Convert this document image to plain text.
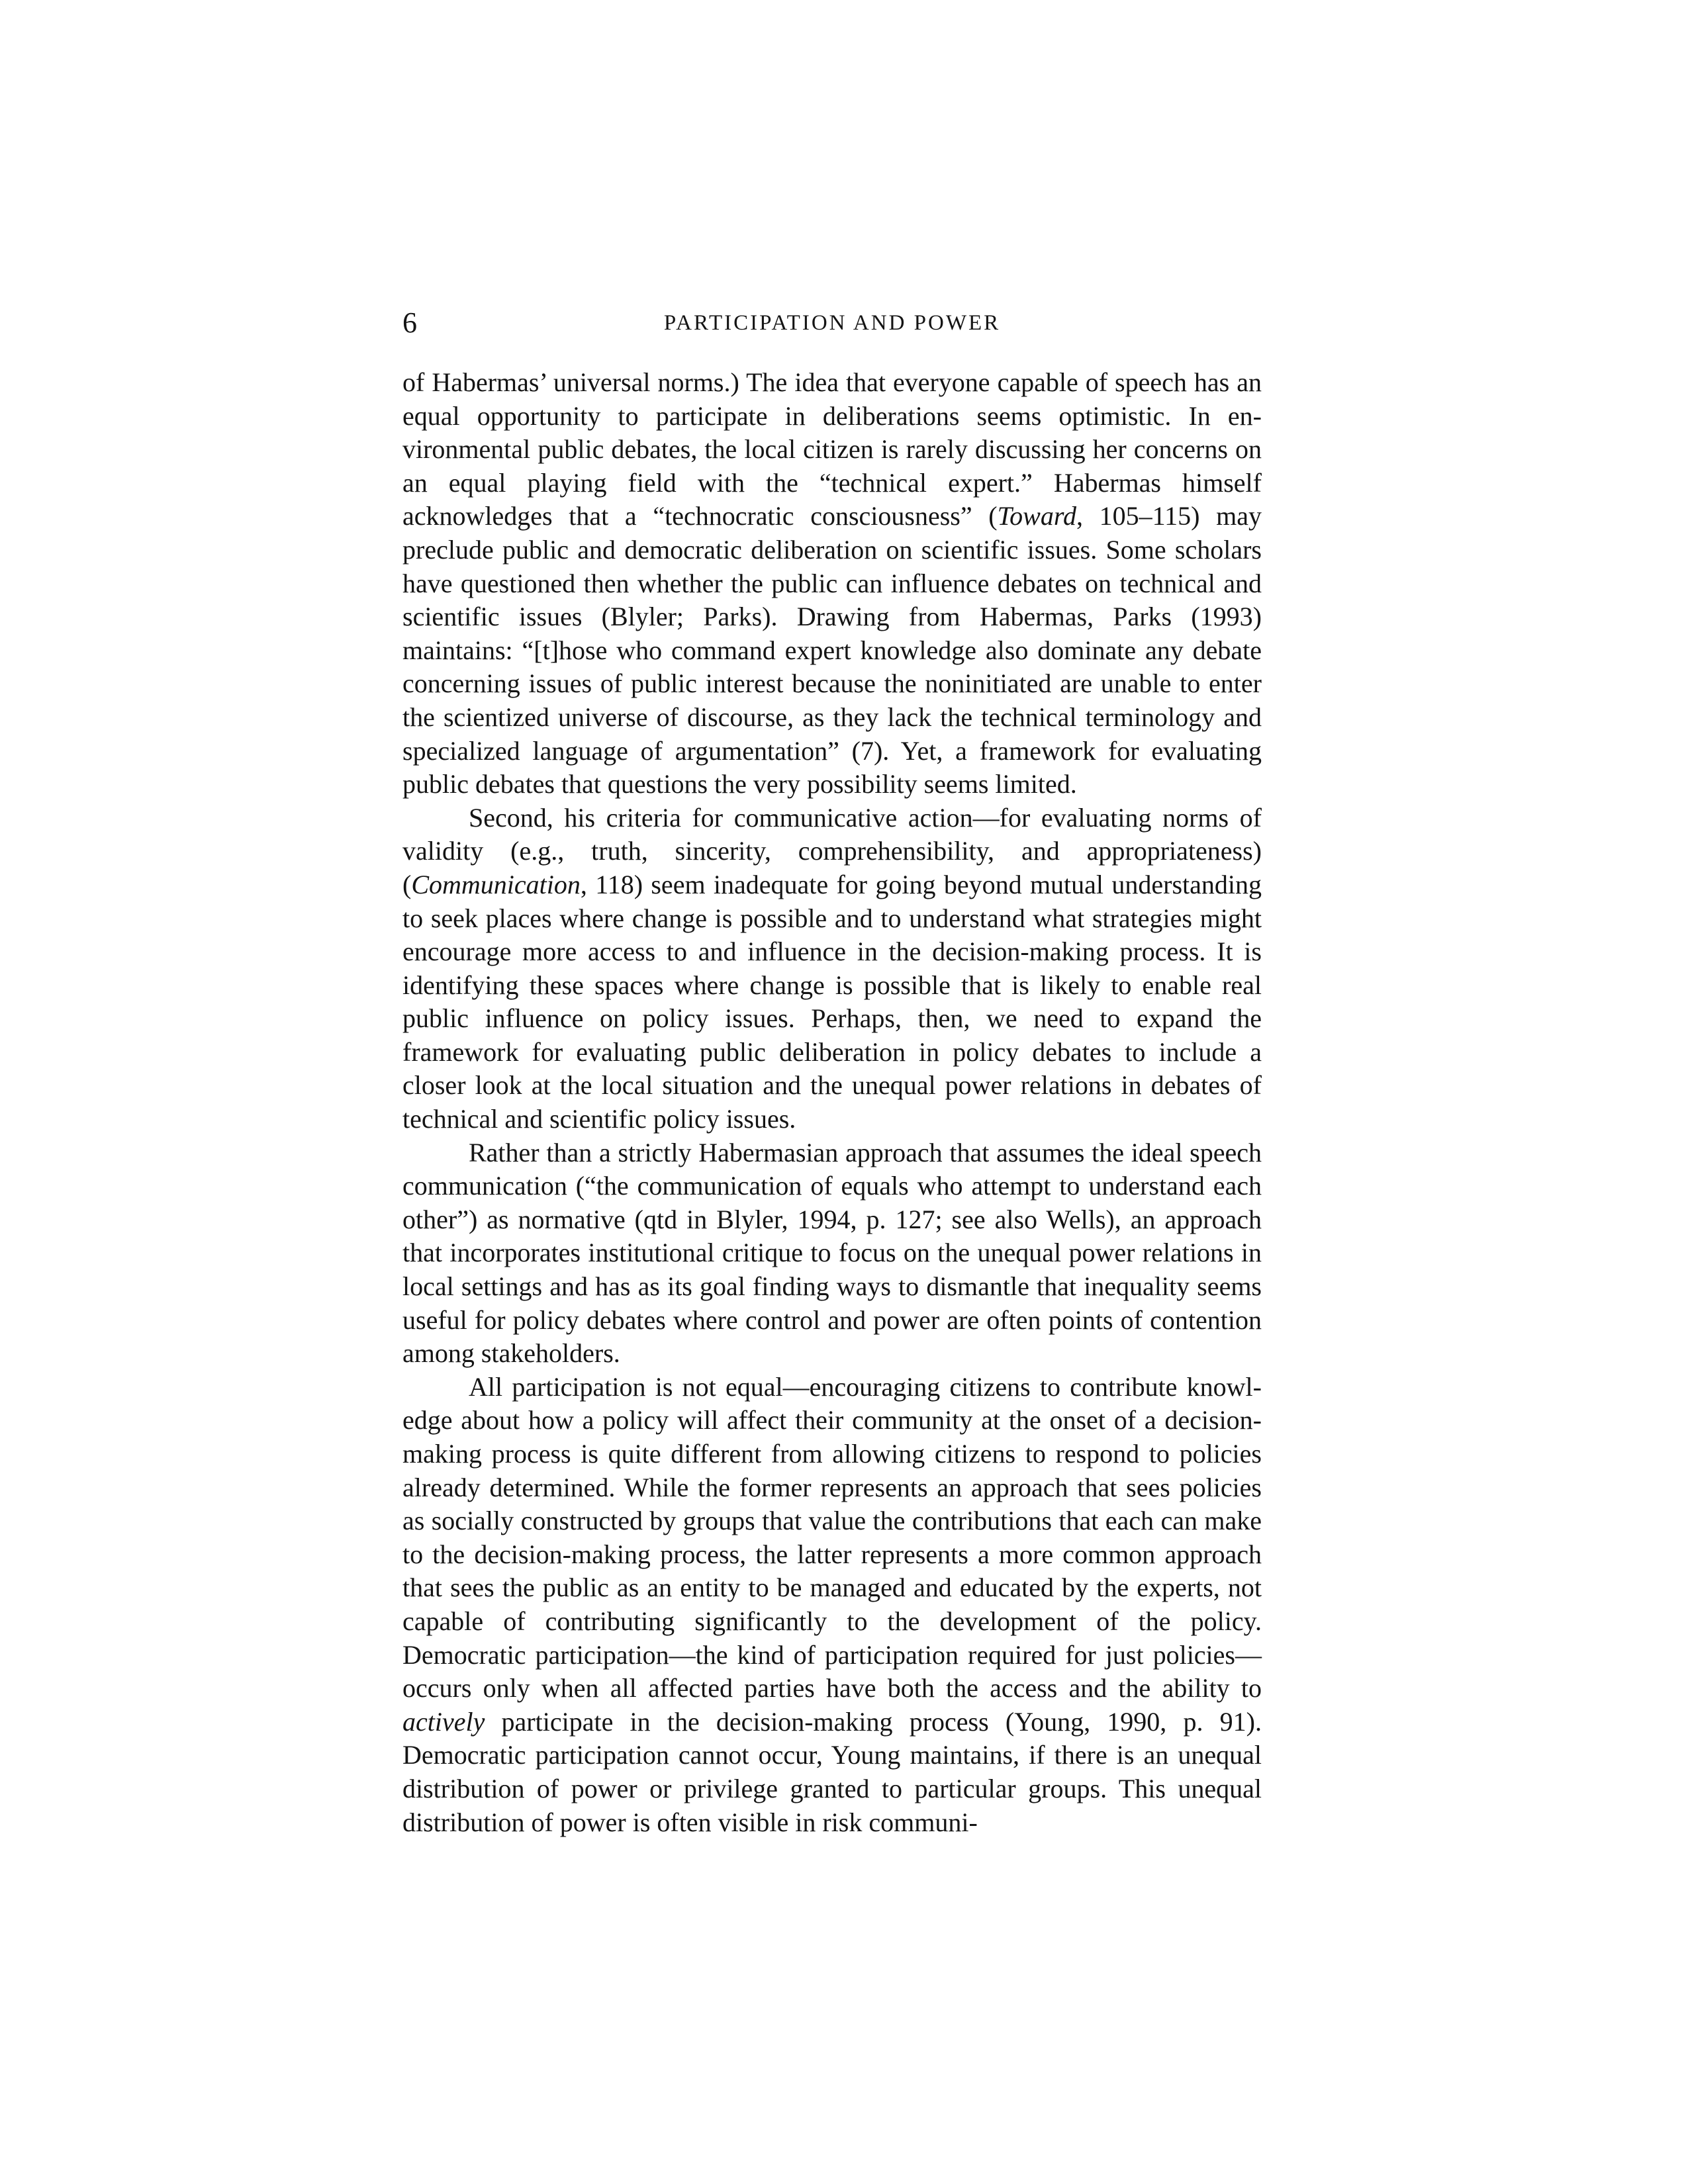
6	PARTICIPATION AND POWER

of Habermas’ universal norms.) The idea that everyone capable of speech has an equal opportunity to participate in deliberations seems optimistic. In environmental public debates, the local citizen is rarely discussing her concerns on an equal playing field with the “technical expert.” Habermas himself acknowledges that a “technocratic consciousness” (Toward, 105–115) may preclude public and democratic deliberation on scientific issues. Some scholars have questioned then whether the public can influence debates on technical and scientific issues (Blyler; Parks). Drawing from Habermas, Parks (1993) maintains: “[t]hose who command expert knowledge also dominate any debate concerning issues of public interest because the noninitiated are unable to enter the scientized universe of discourse, as they lack the technical terminology and specialized language of argumentation” (7). Yet, a framework for evaluating public debates that questions the very possibility seems limited.

Second, his criteria for communicative action—for evaluating norms of validity (e.g., truth, sincerity, comprehensibility, and appropriateness) (Communication, 118) seem inadequate for going beyond mutual understanding to seek places where change is possible and to understand what strategies might encourage more access to and influence in the decision-making process. It is identifying these spaces where change is possible that is likely to enable real public influence on policy issues. Perhaps, then, we need to expand the framework for evaluating public deliberation in policy debates to include a closer look at the local situation and the unequal power relations in debates of technical and scientific policy issues.

Rather than a strictly Habermasian approach that assumes the ideal speech communication (“the communication of equals who attempt to understand each other”) as normative (qtd in Blyler, 1994, p. 127; see also Wells), an approach that incorporates institutional critique to focus on the unequal power relations in local settings and has as its goal finding ways to dismantle that inequality seems useful for policy debates where control and power are often points of contention among stakeholders.

All participation is not equal—encouraging citizens to contribute knowledge about how a policy will affect their community at the onset of a decision-making process is quite different from allowing citizens to respond to policies already determined. While the former represents an approach that sees policies as socially constructed by groups that value the contributions that each can make to the decision-making process, the latter represents a more common approach that sees the public as an entity to be managed and educated by the experts, not capable of contributing significantly to the development of the policy. Democratic participation—the kind of participation required for just policies—occurs only when all affected parties have both the access and the ability to actively participate in the decision-making process (Young, 1990, p. 91). Democratic participation cannot occur, Young maintains, if there is an unequal distribution of power or privilege granted to particular groups. This unequal distribution of power is often visible in risk communi-
